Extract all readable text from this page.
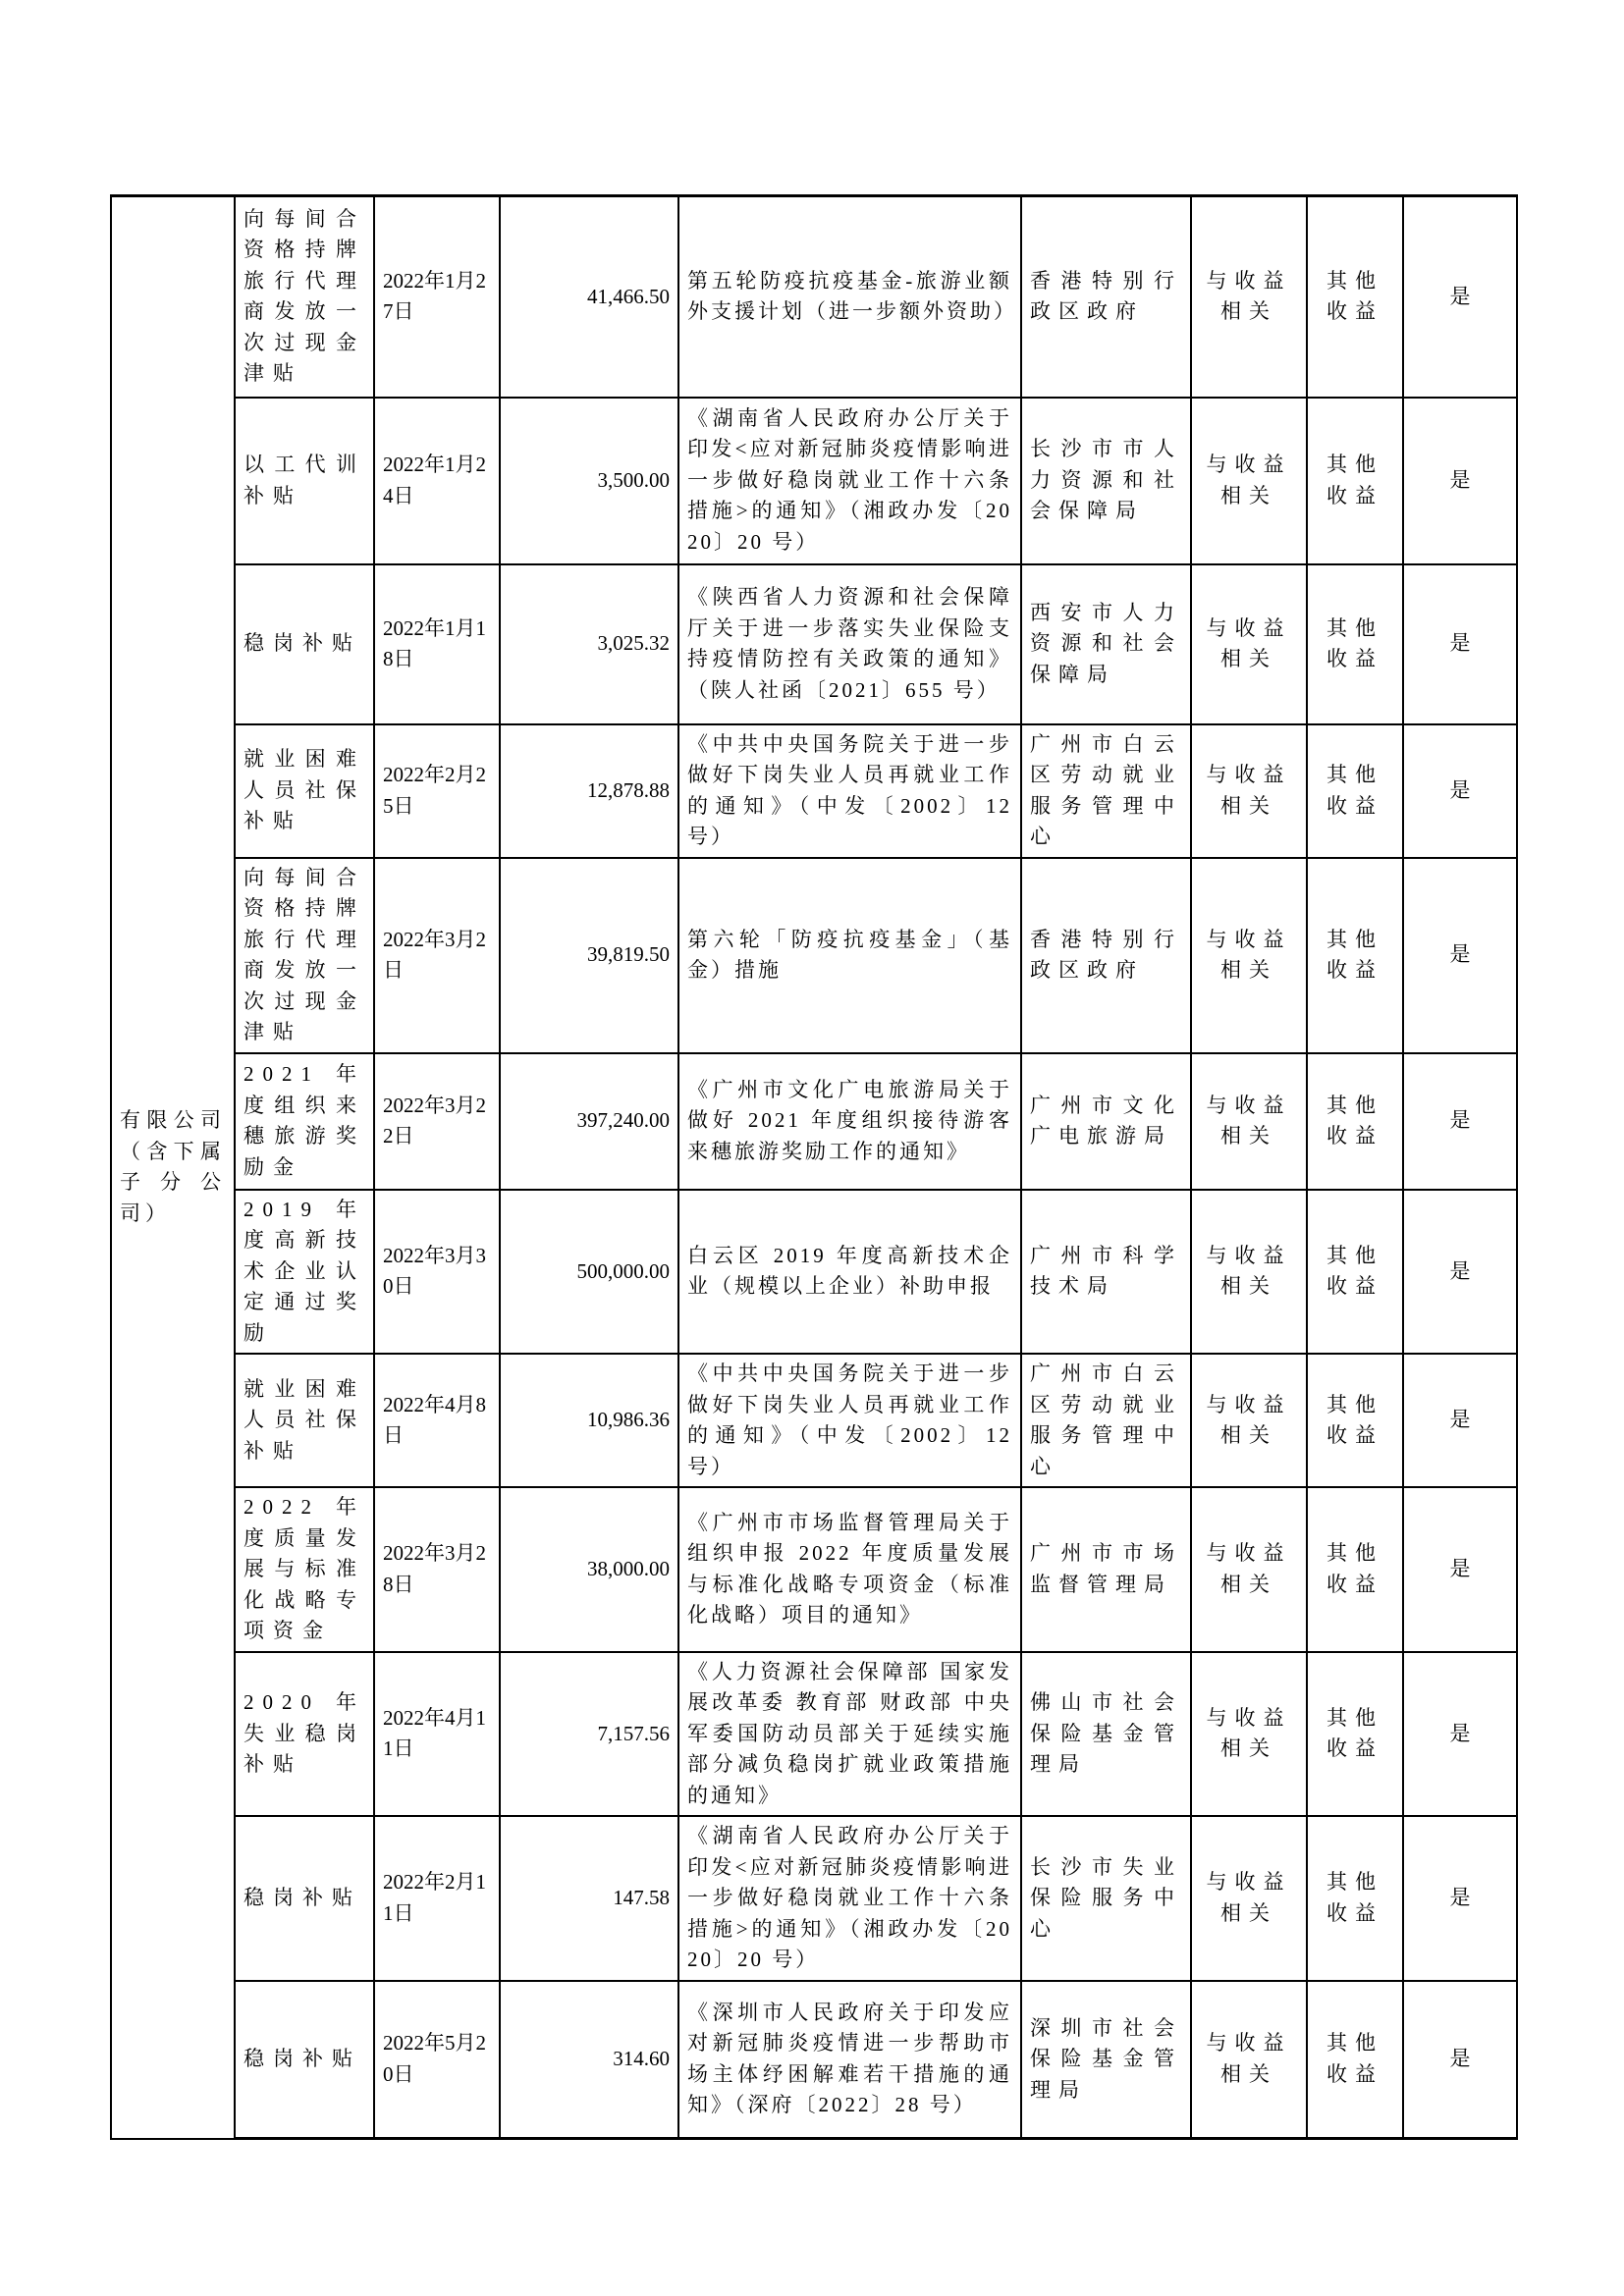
有限公司（含下属子分公司）	向每间合资格持牌旅行代理商发放一次过现金津贴	2022年1月27日	41,466.50	第五轮防疫抗疫基金-旅游业额外支援计划（进一步额外资助）	香港特别行政区政府	与收益相关	其他收益	是
	以工代训补贴	2022年1月24日	3,500.00	《湖南省人民政府办公厅关于印发<应对新冠肺炎疫情影响进一步做好稳岗就业工作十六条措施>的通知》（湘政办发〔2020〕20 号）	长沙市市人力资源和社会保障局	与收益相关	其他收益	是
	稳岗补贴	2022年1月18日	3,025.32	《陕西省人力资源和社会保障厅关于进一步落实失业保险支持疫情防控有关政策的通知》（陕人社函〔2021〕655 号）	西安市人力资源和社会保障局	与收益相关	其他收益	是
	就业困难人员社保补贴	2022年2月25日	12,878.88	《中共中央国务院关于进一步做好下岗失业人员再就业工作的通知》（中发〔2002〕12 号）	广州市白云区劳动就业服务管理中心	与收益相关	其他收益	是
	向每间合资格持牌旅行代理商发放一次过现金津贴	2022年3月2日	39,819.50	第六轮「防疫抗疫基金」（基金）措施	香港特别行政区政府	与收益相关	其他收益	是
	2021 年度组织来穗旅游奖励金	2022年3月22日	397,240.00	《广州市文化广电旅游局关于做好 2021 年度组织接待游客来穗旅游奖励工作的通知》	广州市文化广电旅游局	与收益相关	其他收益	是
	2019 年度高新技术企业认定通过奖励	2022年3月30日	500,000.00	白云区 2019 年度高新技术企业（规模以上企业）补助申报	广州市科学技术局	与收益相关	其他收益	是
	就业困难人员社保补贴	2022年4月8日	10,986.36	《中共中央国务院关于进一步做好下岗失业人员再就业工作的通知》（中发〔2002〕12 号）	广州市白云区劳动就业服务管理中心	与收益相关	其他收益	是
	2022 年度质量发展与标准化战略专项资金	2022年3月28日	38,000.00	《广州市市场监督管理局关于组织申报 2022 年度质量发展与标准化战略专项资金（标准化战略）项目的通知》	广州市市场监督管理局	与收益相关	其他收益	是
	2020 年失业稳岗补贴	2022年4月11日	7,157.56	《人力资源社会保障部 国家发展改革委 教育部 财政部 中央军委国防动员部关于延续实施部分减负稳岗扩就业政策措施的通知》	佛山市社会保险基金管理局	与收益相关	其他收益	是
	稳岗补贴	2022年2月11日	147.58	《湖南省人民政府办公厅关于印发<应对新冠肺炎疫情影响进一步做好稳岗就业工作十六条措施>的通知》（湘政办发〔2020〕20 号）	长沙市失业保险服务中心	与收益相关	其他收益	是
	稳岗补贴	2022年5月20日	314.60	《深圳市人民政府关于印发应对新冠肺炎疫情进一步帮助市场主体纾困解难若干措施的通知》（深府〔2022〕28 号）	深圳市社会保险基金管理局	与收益相关	其他收益	是
